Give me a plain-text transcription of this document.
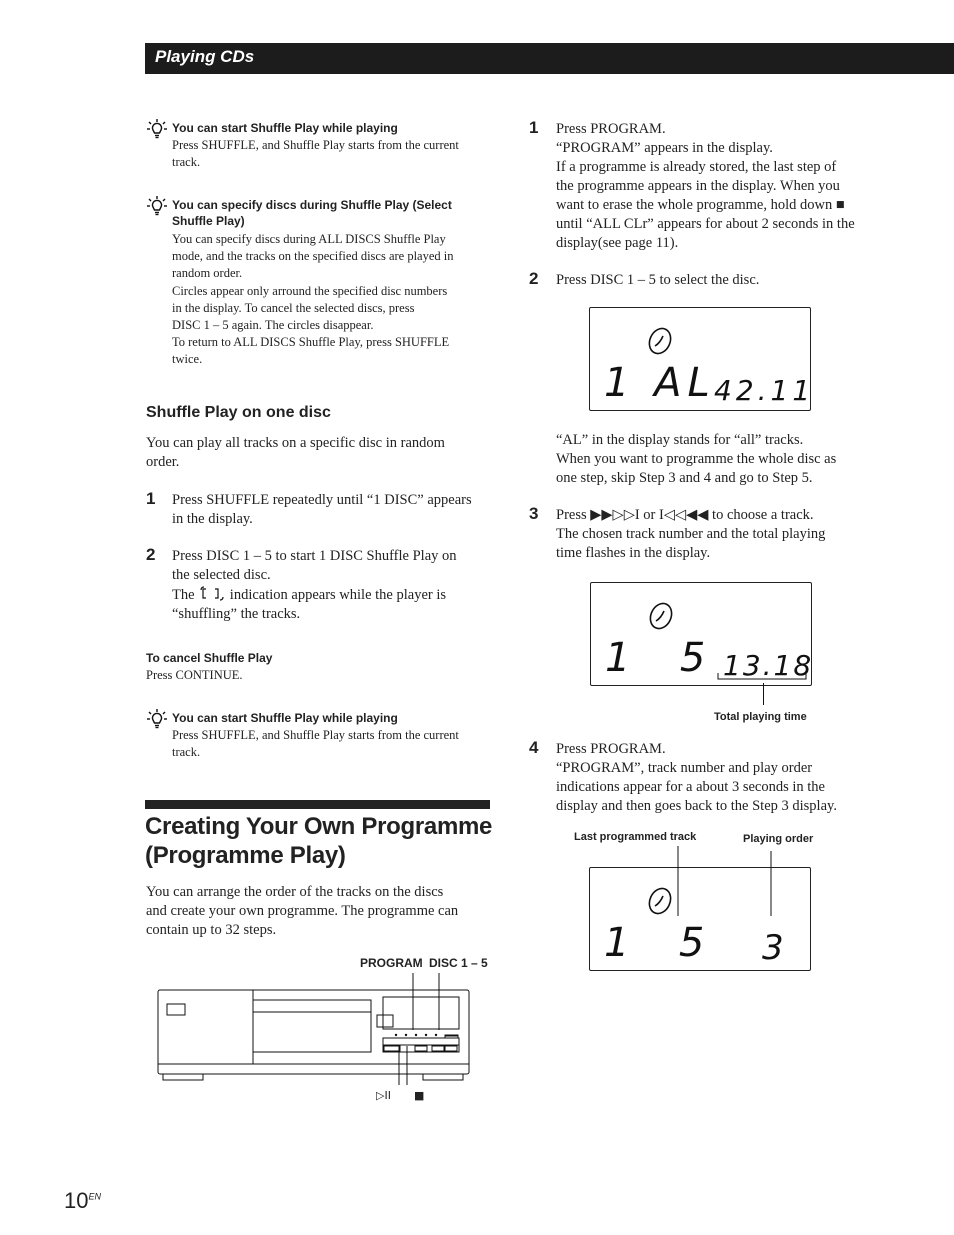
Playing CDs
You can start Shuffle Play while playing
Press SHUFFLE, and Shuffle Play starts from the current
track.
You can specify discs during Shuffle Play (Select Shuffle Play)
You can specify discs during ALL DISCS Shuffle Play
mode, and the tracks on the specified discs are played in
random order.
Circles appear only arround the specified disc numbers
in the display. To cancel the selected discs, press
DISC 1 – 5 again. The circles disappear.
To return to ALL DISCS Shuffle Play, press SHUFFLE
twice.
Shuffle Play on one disc
You can play all tracks on a specific disc in random
order.
1 Press SHUFFLE repeatedly until “1 DISC” appears
in the display.
2 Press DISC 1 – 5 to start 1 DISC Shuffle Play on
the selected disc.
The  indication appears while the player is
“shuffling” the tracks.
To cancel Shuffle Play
Press CONTINUE.
You can start Shuffle Play while playing
Press SHUFFLE, and Shuffle Play starts from the current
track.
Creating Your Own Programme
(Programme Play)
You can arrange the order of the tracks on the discs
and create your own programme. The programme can
contain up to 32 steps.
PROGRAM DISC 1 – 5
▷II ■
1 Press PROGRAM.
“PROGRAM” appears in the display.
If a programme is already stored, the last step of
the programme appears in the display. When you
want to erase the whole programme, hold down ■
until “ALL CLr” appears for about 2 seconds in the
display(see page 11).
2 Press DISC 1 – 5 to select the disc.
1 AL
42.11
“AL” in the display stands for “all” tracks.
When you want to programme the whole disc as
one step, skip Step 3 and 4 and go to Step 5.
3 Press ▶▶▷▷I or I◁◁◀◀ to choose a track.
The chosen track number and the total playing
time flashes in the display.
1  5 13.18
Total playing time
4 Press PROGRAM.
“PROGRAM”, track number and play order
indications appear for a about 3 seconds in the
display and then goes back to the Step 3 display.
Last programmed track	Playing order
1  5 3
$10^{EN}$
